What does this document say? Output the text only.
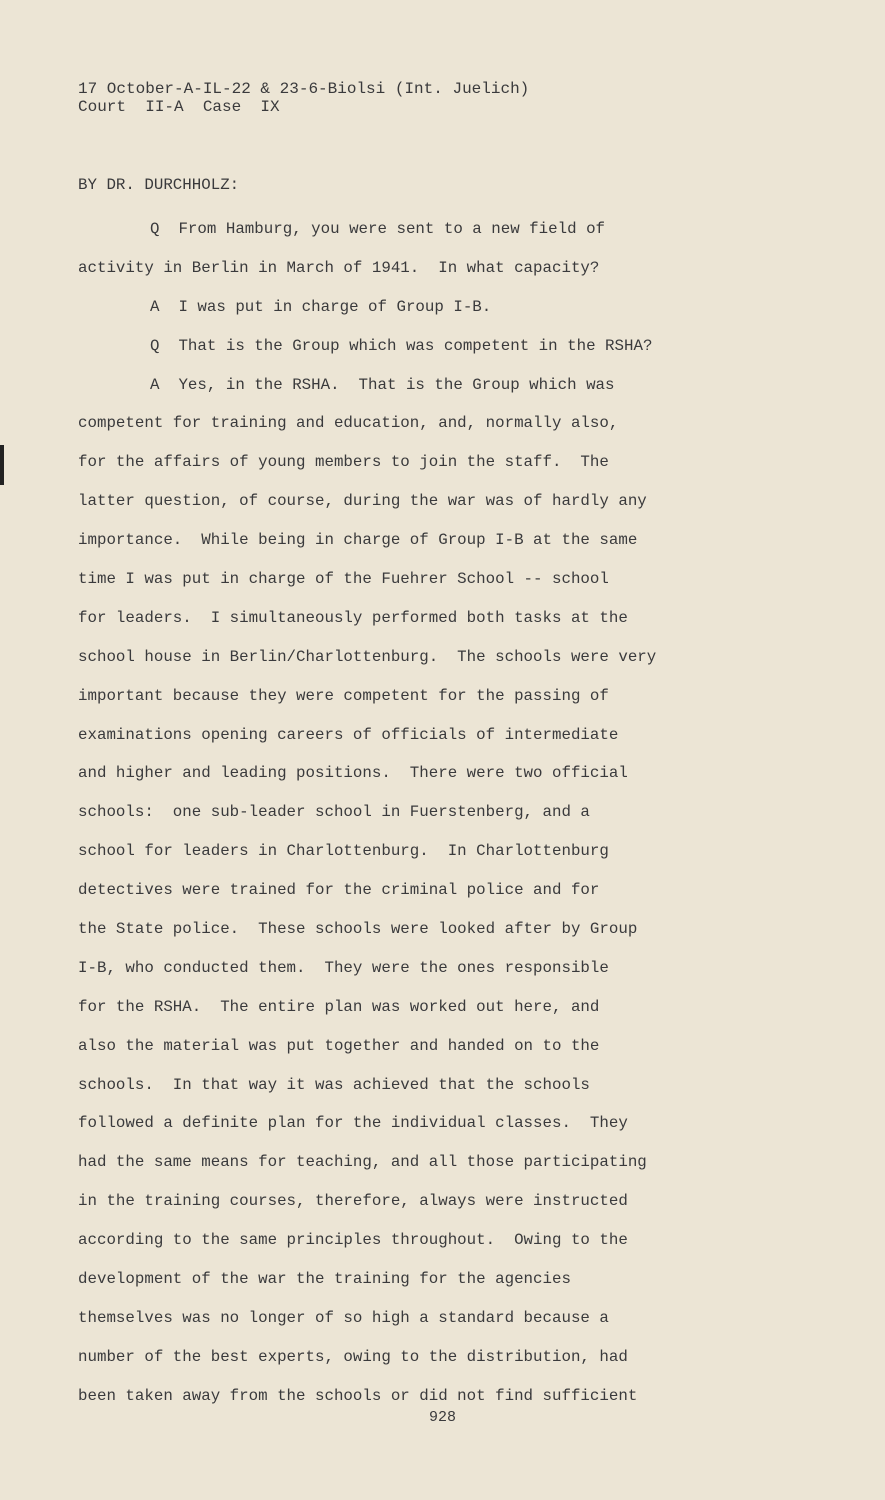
17 October-A-IL-22 & 23-6-Biolsi (Int. Juelich)
Court  II-A  Case  IX
BY DR. DURCHHOLZ:
Q  From Hamburg, you were sent to a new field of
activity in Berlin in March of 1941.  In what capacity?
A  I was put in charge of Group I-B.
Q  That is the Group which was competent in the RSHA?
A  Yes, in the RSHA.  That is the Group which was
competent for training and education, and, normally also,
for the affairs of young members to join the staff.  The
latter question, of course, during the war was of hardly any
importance.  While being in charge of Group I-B at the same
time I was put in charge of the Fuehrer School -- school
for leaders.  I simultaneously performed both tasks at the
school house in Berlin/Charlottenburg.  The schools were very
important because they were competent for the passing of
examinations opening careers of officials of intermediate
and higher and leading positions.  There were two official
schools:  one sub-leader school in Fuerstenberg, and a
school for leaders in Charlottenburg.  In Charlottenburg
detectives were trained for the criminal police and for
the State police.  These schools were looked after by Group
I-B, who conducted them.  They were the ones responsible
for the RSHA.  The entire plan was worked out here, and
also the material was put together and handed on to the
schools.  In that way it was achieved that the schools
followed a definite plan for the individual classes.  They
had the same means for teaching, and all those participating
in the training courses, therefore, always were instructed
according to the same principles throughout.  Owing to the
development of the war the training for the agencies
themselves was no longer of so high a standard because a
number of the best experts, owing to the distribution, had
been taken away from the schools or did not find sufficient
928
